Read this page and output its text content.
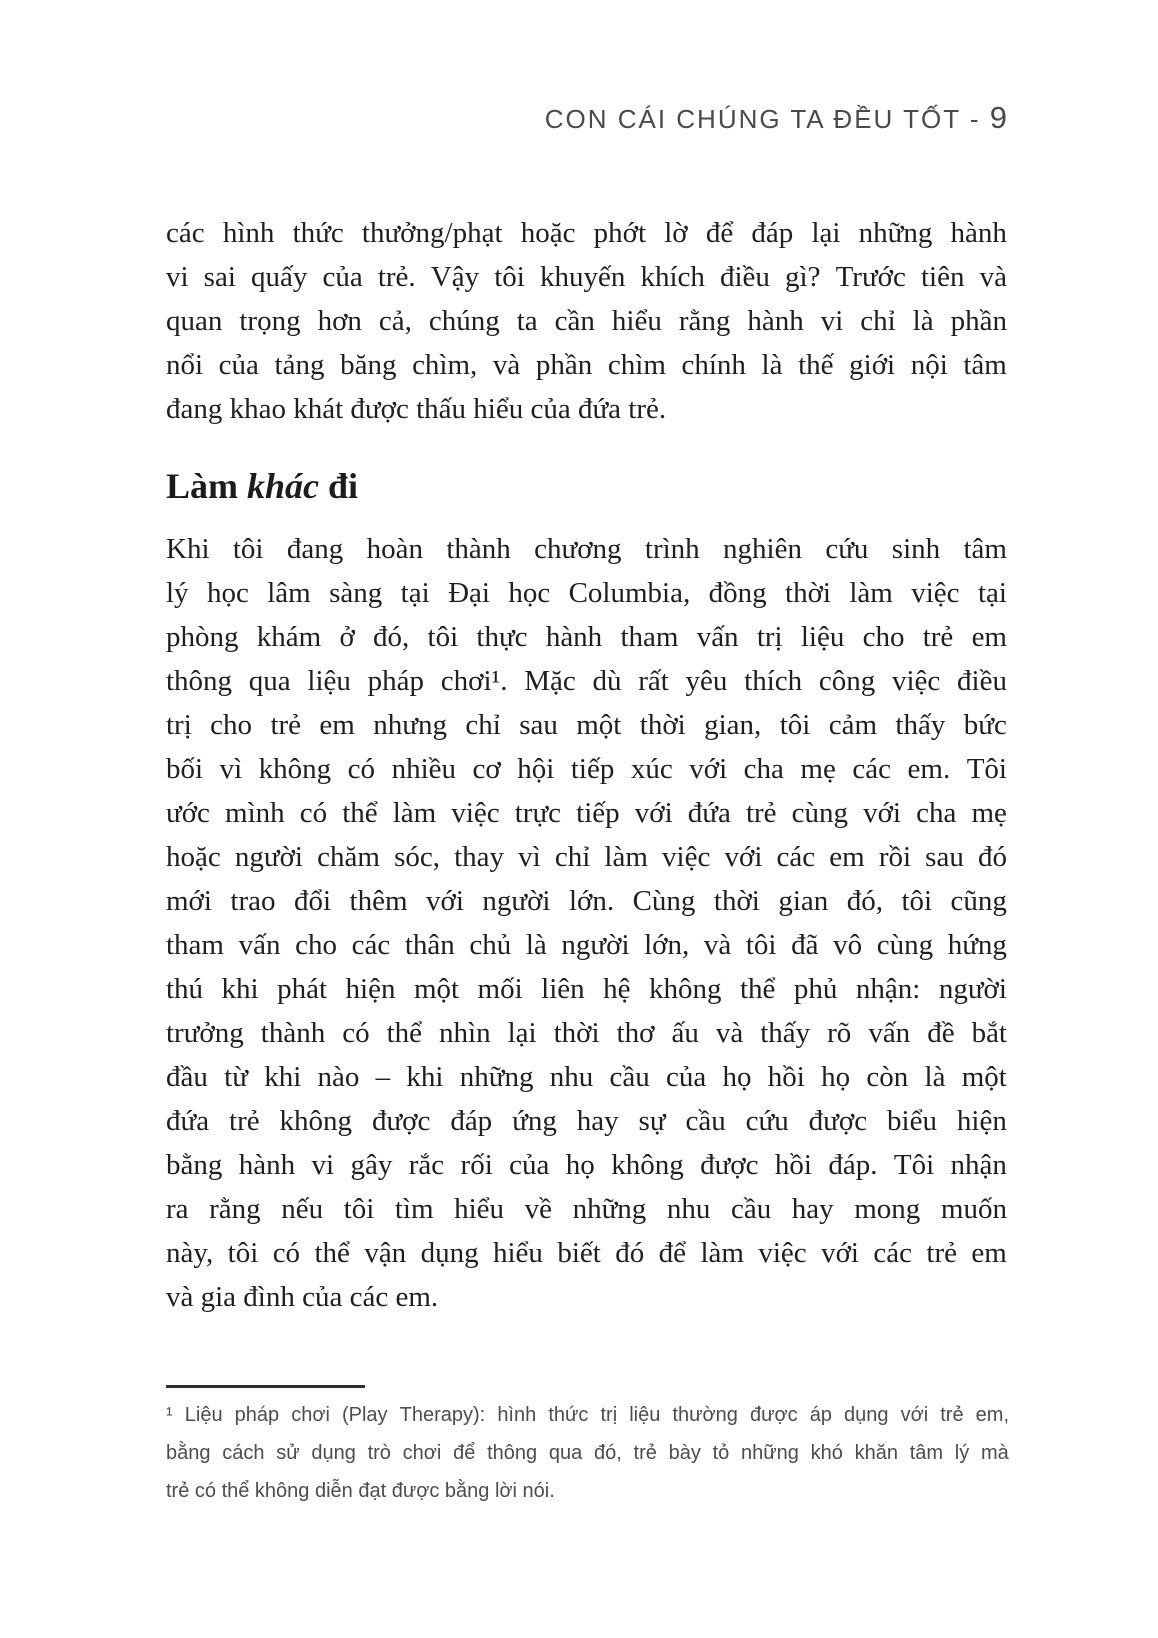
CON CÁI CHÚNG TA ĐỀU TỐT - 9
các hình thức thưởng/phạt hoặc phớt lờ để đáp lại những hành
vi sai quấy của trẻ. Vậy tôi khuyến khích điều gì? Trước tiên và
quan trọng hơn cả, chúng ta cần hiểu rằng hành vi chỉ là phần
nổi của tảng băng chìm, và phần chìm chính là thế giới nội tâm
đang khao khát được thấu hiểu của đứa trẻ.
Làm khác đi
Khi tôi đang hoàn thành chương trình nghiên cứu sinh tâm
lý học lâm sàng tại Đại học Columbia, đồng thời làm việc tại
phòng khám ở đó, tôi thực hành tham vấn trị liệu cho trẻ em
thông qua liệu pháp chơi¹. Mặc dù rất yêu thích công việc điều
trị cho trẻ em nhưng chỉ sau một thời gian, tôi cảm thấy bức
bối vì không có nhiều cơ hội tiếp xúc với cha mẹ các em. Tôi
ước mình có thể làm việc trực tiếp với đứa trẻ cùng với cha mẹ
hoặc người chăm sóc, thay vì chỉ làm việc với các em rồi sau đó
mới trao đổi thêm với người lớn. Cùng thời gian đó, tôi cũng
tham vấn cho các thân chủ là người lớn, và tôi đã vô cùng hứng
thú khi phát hiện một mối liên hệ không thể phủ nhận: người
trưởng thành có thể nhìn lại thời thơ ấu và thấy rõ vấn đề bắt
đầu từ khi nào – khi những nhu cầu của họ hồi họ còn là một
đứa trẻ không được đáp ứng hay sự cầu cứu được biểu hiện
bằng hành vi gây rắc rối của họ không được hồi đáp. Tôi nhận
ra rằng nếu tôi tìm hiểu về những nhu cầu hay mong muốn
này, tôi có thể vận dụng hiểu biết đó để làm việc với các trẻ em
và gia đình của các em.
¹ Liệu pháp chơi (Play Therapy): hình thức trị liệu thường được áp dụng với trẻ em,
bằng cách sử dụng trò chơi để thông qua đó, trẻ bày tỏ những khó khăn tâm lý mà
trẻ có thể không diễn đạt được bằng lời nói.
